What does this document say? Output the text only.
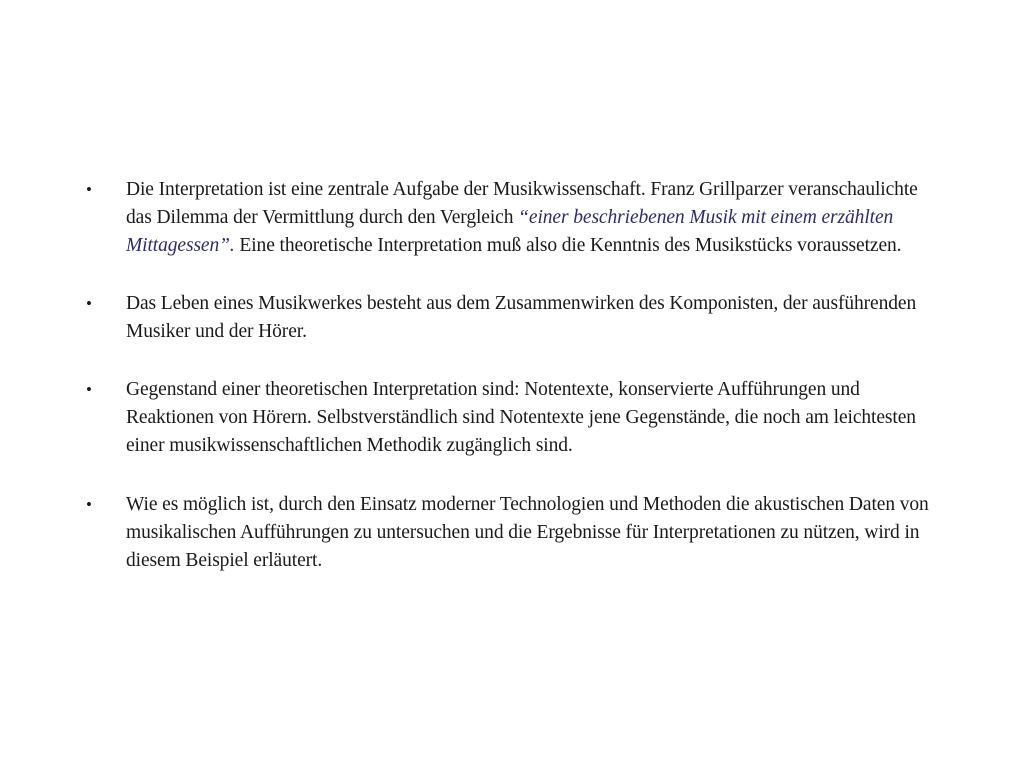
• Die Interpretation ist eine zentrale Aufgabe der Musikwissenschaft. Franz Grillparzer veranschaulichte das Dilemma der Vermittlung durch den Vergleich “einer beschriebenen Musik mit einem erzählten Mittagessen”. Eine theoretische Interpretation muß also die Kenntnis des Musikstücks voraussetzen.
• Das Leben eines Musikwerkes besteht aus dem Zusammenwirken des Komponisten, der ausführenden Musiker und der Hörer.
• Gegenstand einer theoretischen Interpretation sind: Notentexte, konservierte Aufführungen und Reaktionen von Hörern. Selbstverständlich sind Notentexte jene Gegenstände, die noch am leichtesten einer musikwissenschaftlichen Methodik zugänglich sind.
• Wie es möglich ist, durch den Einsatz moderner Technologien und Methoden die akustischen Daten von musikalischen Aufführungen zu untersuchen und die Ergebnisse für Interpretationen zu nützen, wird in diesem Beispiel erläutert.
